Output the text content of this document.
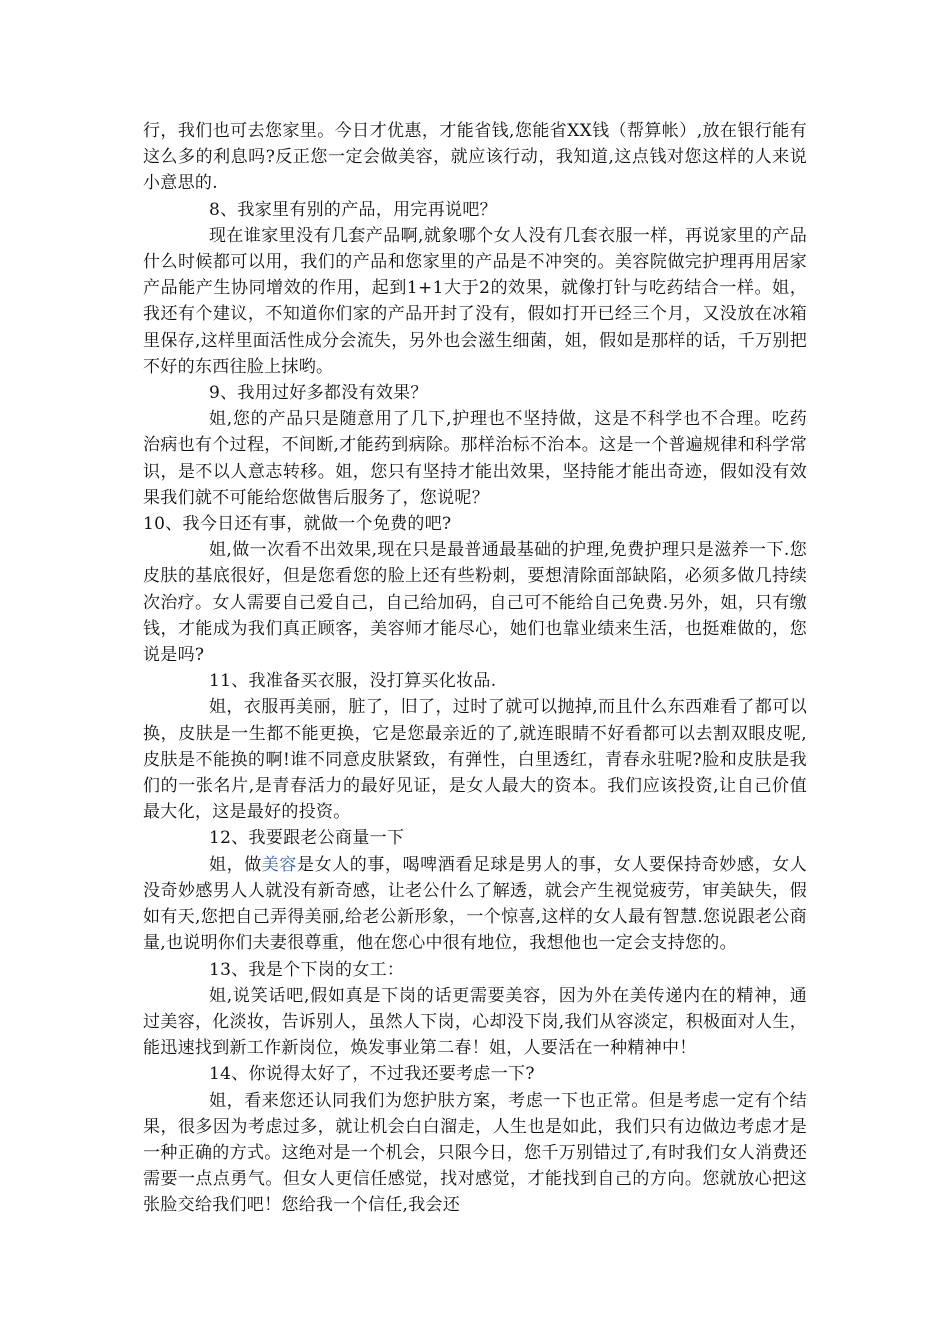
行，我们也可去您家里。今日才优惠，才能省钱,您能省XX钱（帮算帐）,放在银行能有这么多的利息吗?反正您一定会做美容，就应该行动，我知道,这点钱对您这样的人来说小意思的.

8、我家里有别的产品，用完再说吧？

现在谁家里没有几套产品啊,就象哪个女人没有几套衣服一样，再说家里的产品什么时候都可以用，我们的产品和您家里的产品是不冲突的。美容院做完护理再用居家产品能产生协同增效的作用，起到1+1大于2的效果，就像打针与吃药结合一样。姐，我还有个建议，不知道你们家的产品开封了没有，假如打开已经三个月，又没放在冰箱里保存,这样里面活性成分会流失，另外也会滋生细菌，姐，假如是那样的话，千万别把不好的东西往脸上抹哟。

9、我用过好多都没有效果？

姐,您的产品只是随意用了几下,护理也不坚持做，这是不科学也不合理。吃药治病也有个过程，不间断,才能药到病除。那样治标不治本。这是一个普遍规律和科学常识，是不以人意志转移。姐，您只有坚持才能出效果，坚持能才能出奇迹，假如没有效果我们就不可能给您做售后服务了，您说呢？

10、我今日还有事，就做一个免费的吧?

姐,做一次看不出效果,现在只是最普通最基础的护理,免费护理只是滋养一下.您皮肤的基底很好，但是您看您的脸上还有些粉刺，要想清除面部缺陷，必须多做几持续次治疗。女人需要自己爱自己，自己给加码，自己可不能给自己免费.另外，姐，只有缴钱，才能成为我们真正顾客，美容师才能尽心，她们也靠业绩来生活，也挺难做的，您说是吗?

11、我准备买衣服，没打算买化妆品.

姐，衣服再美丽，脏了，旧了，过时了就可以抛掉,而且什么东西难看了都可以换，皮肤是一生都不能更换，它是您最亲近的了,就连眼睛不好看都可以去割双眼皮呢,皮肤是不能换的啊!谁不同意皮肤紧致，有弹性，白里透红，青春永驻呢?脸和皮肤是我们的一张名片,是青春活力的最好见证，是女人最大的资本。我们应该投资,让自己价值最大化，这是最好的投资。

12、我要跟老公商量一下

姐，做美容是女人的事，喝啤酒看足球是男人的事，女人要保持奇妙感，女人没奇妙感男人人就没有新奇感，让老公什么了解透，就会产生视觉疲劳，审美缺失，假如有天,您把自己弄得美丽,给老公新形象，一个惊喜,这样的女人最有智慧.您说跟老公商量,也说明你们夫妻很尊重，他在您心中很有地位，我想他也一定会支持您的。

13、我是个下岗的女工：

姐,说笑话吧,假如真是下岗的话更需要美容，因为外在美传递内在的精神，通过美容，化淡妆，告诉别人，虽然人下岗，心却没下岗,我们从容淡定，积极面对人生，能迅速找到新工作新岗位，焕发事业第二春！姐，人要活在一种精神中！

14、你说得太好了，不过我还要考虑一下?

姐，看来您还认同我们为您护肤方案，考虑一下也正常。但是考虑一定有个结果，很多因为考虑过多，就让机会白白溜走，人生也是如此，我们只有边做边考虑才是一种正确的方式。这绝对是一个机会，只限今日，您千万别错过了,有时我们女人消费还需要一点点勇气。但女人更信任感觉，找对感觉，才能找到自己的方向。您就放心把这张脸交给我们吧！您给我一个信任,我会还
